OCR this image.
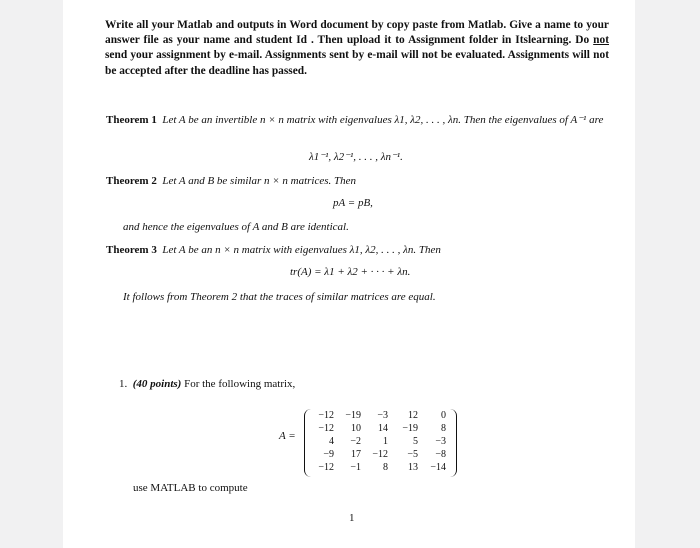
Write all your Matlab and outputs in Word document by copy paste from Matlab. Give a name to your answer file as your name and student Id . Then upload it to Assignment folder in Itslearning. Do not send your assignment by e-mail. Assignments sent by e-mail will not be evaluated. Assignments will not be accepted after the deadline has passed.
Theorem 1 Let A be an invertible n × n matrix with eigenvalues λ1, λ2, . . . , λn. Then the eigenvalues of A⁻¹ are
λ1⁻¹, λ2⁻¹, . . . , λn⁻¹.
Theorem 2 Let A and B be similar n × n matrices. Then
pA = pB,
and hence the eigenvalues of A and B are identical.
Theorem 3 Let A be an n × n matrix with eigenvalues λ1, λ2, . . . , λn. Then
tr(A) = λ1 + λ2 + · · · + λn.
It follows from Theorem 2 that the traces of similar matrices are equal.
1. (40 points) For the following matrix,
A =
−12	−19	−3	12	0
−12	10	14	−19	8
4	−2	1	5	−3
−9	17	−12	−5	−8
−12	−1	8	13	−14
use MATLAB to compute
1
